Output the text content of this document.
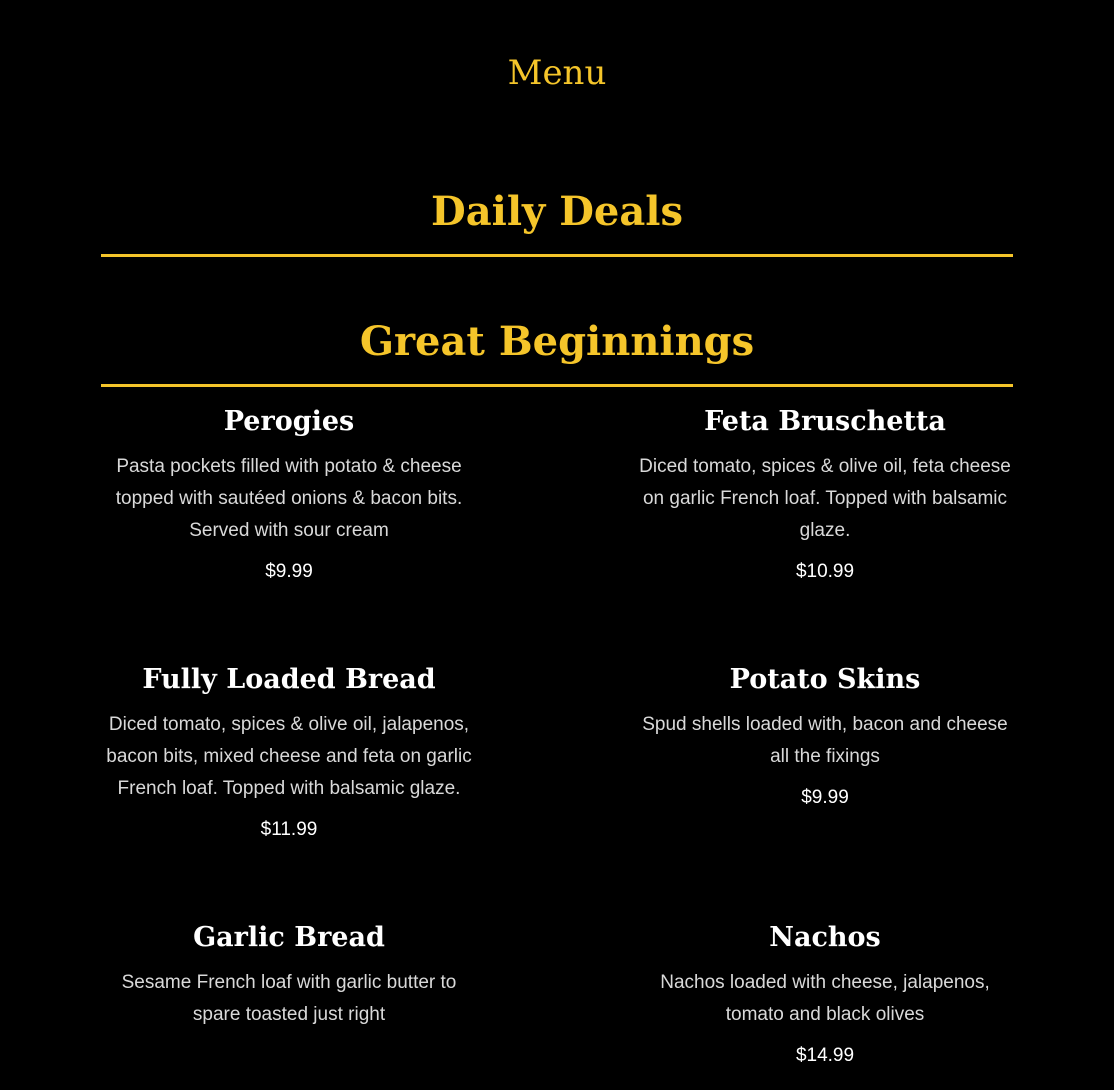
Menu
Daily Deals
Great Beginnings
Perogies

Pasta pockets filled with potato & cheese topped with sautéed onions & bacon bits. Served with sour cream

$9.99

Feta Bruschetta

Diced tomato, spices & olive oil, feta cheese on garlic French loaf. Topped with balsamic glaze.

$10.99

Fully Loaded Bread

Diced tomato, spices & olive oil, jalapenos, bacon bits, mixed cheese and feta on garlic French loaf. Topped with balsamic glaze.

$11.99

Potato Skins

Spud shells loaded with, bacon and cheese all the fixings

$9.99

Garlic Bread

Sesame French loaf with garlic butter to spare toasted just right

Nachos

Nachos loaded with cheese, jalapenos, tomato and black olives

$14.99
